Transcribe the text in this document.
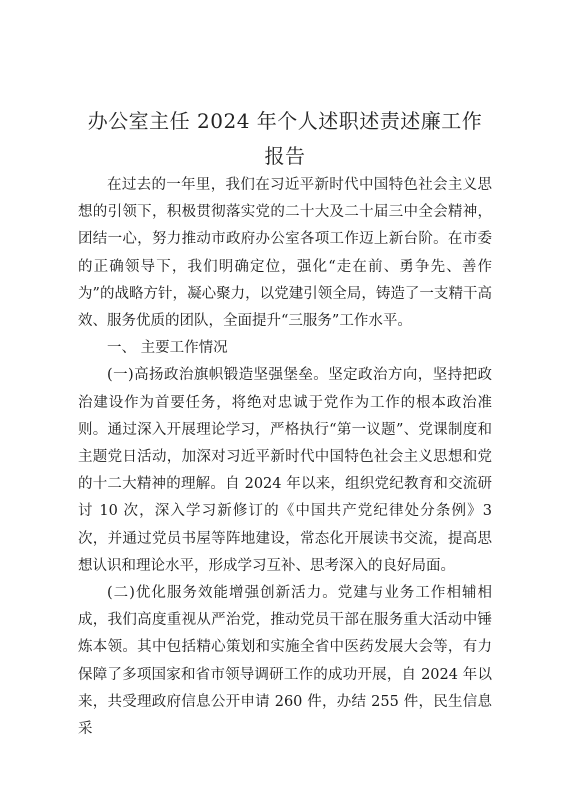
办公室主任 2024 年个人述职述责述廉工作
报告

在过去的一年里，我们在习近平新时代中国特色社会主义思想的引领下，积极贯彻落实党的二十大及二十届三中全会精神，团结一心，努力推动市政府办公室各项工作迈上新台阶。在市委的正确领导下，我们明确定位，强化“走在前、勇争先、善作为”的战略方针，凝心聚力，以党建引领全局，铸造了一支精干高效、服务优质的团队，全面提升“三服务”工作水平。

一、 主要工作情况

(一)高扬政治旗帜锻造坚强堡垒。坚定政治方向，坚持把政治建设作为首要任务，将绝对忠诚于党作为工作的根本政治准则。通过深入开展理论学习，严格执行“第一议题”、党课制度和主题党日活动，加深对习近平新时代中国特色社会主义思想和党的十二大精神的理解。自 2024 年以来，组织党纪教育和交流研讨 10 次，深入学习新修订的《中国共产党纪律处分条例》3 次，并通过党员书屋等阵地建设，常态化开展读书交流，提高思想认识和理论水平，形成学习互补、思考深入的良好局面。

(二)优化服务效能增强创新活力。党建与业务工作相辅相成，我们高度重视从严治党，推动党员干部在服务重大活动中锤炼本领。其中包括精心策划和实施全省中医药发展大会等，有力保障了多项国家和省市领导调研工作的成功开展，自 2024 年以来，共受理政府信息公开申请 260 件，办结 255 件，民生信息采
